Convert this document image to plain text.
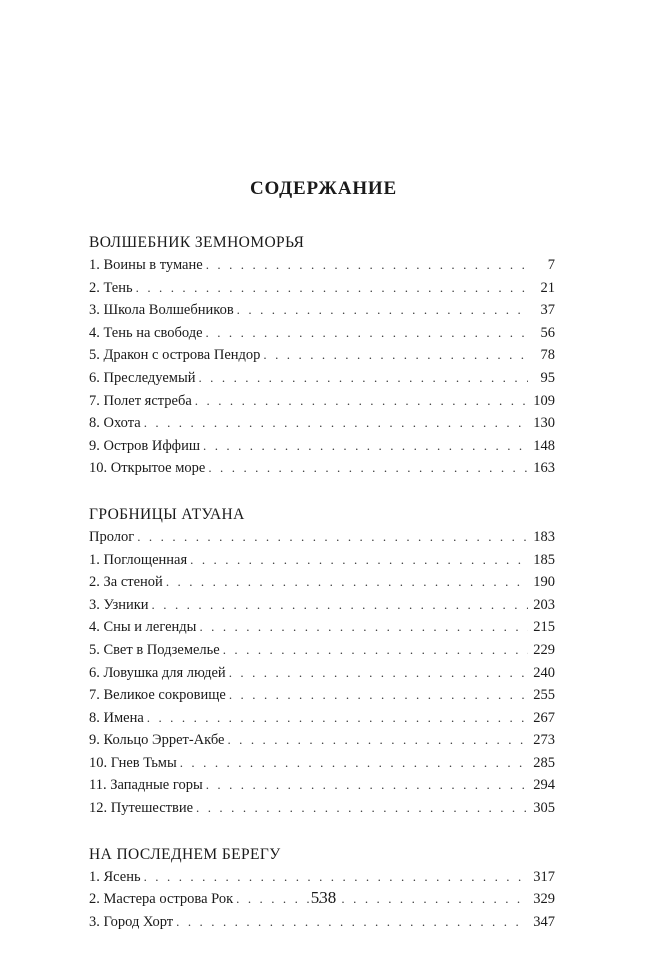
СОДЕРЖАНИЕ
ВОЛШЕБНИК ЗЕМНОМОРЬЯ
1. Воины в тумане . . .	7
2. Тень . . .	21
3. Школа Волшебников . . .	37
4. Тень на свободе . . .	56
5. Дракон с острова Пендор . . .	78
6. Преследуемый . . .	95
7. Полет ястреба . . .	109
8. Охота . . .	130
9. Остров Иффиш . . .	148
10. Открытое море . . .	163
ГРОБНИЦЫ АТУАНА
Пролог . . .	183
1. Поглощенная . . .	185
2. За стеной . . .	190
3. Узники . . .	203
4. Сны и легенды . . .	215
5. Свет в Подземелье . . .	229
6. Ловушка для людей . . .	240
7. Великое сокровище . . .	255
8. Имена . . .	267
9. Кольцо Эррет-Акбе . . .	273
10. Гнев Тьмы . . .	285
11. Западные горы . . .	294
12. Путешествие . . .	305
НА ПОСЛЕДНЕМ БЕРЕГУ
1. Ясень . . .	317
2. Мастера острова Рок . . .	329
3. Город Хорт . . .	347
538
